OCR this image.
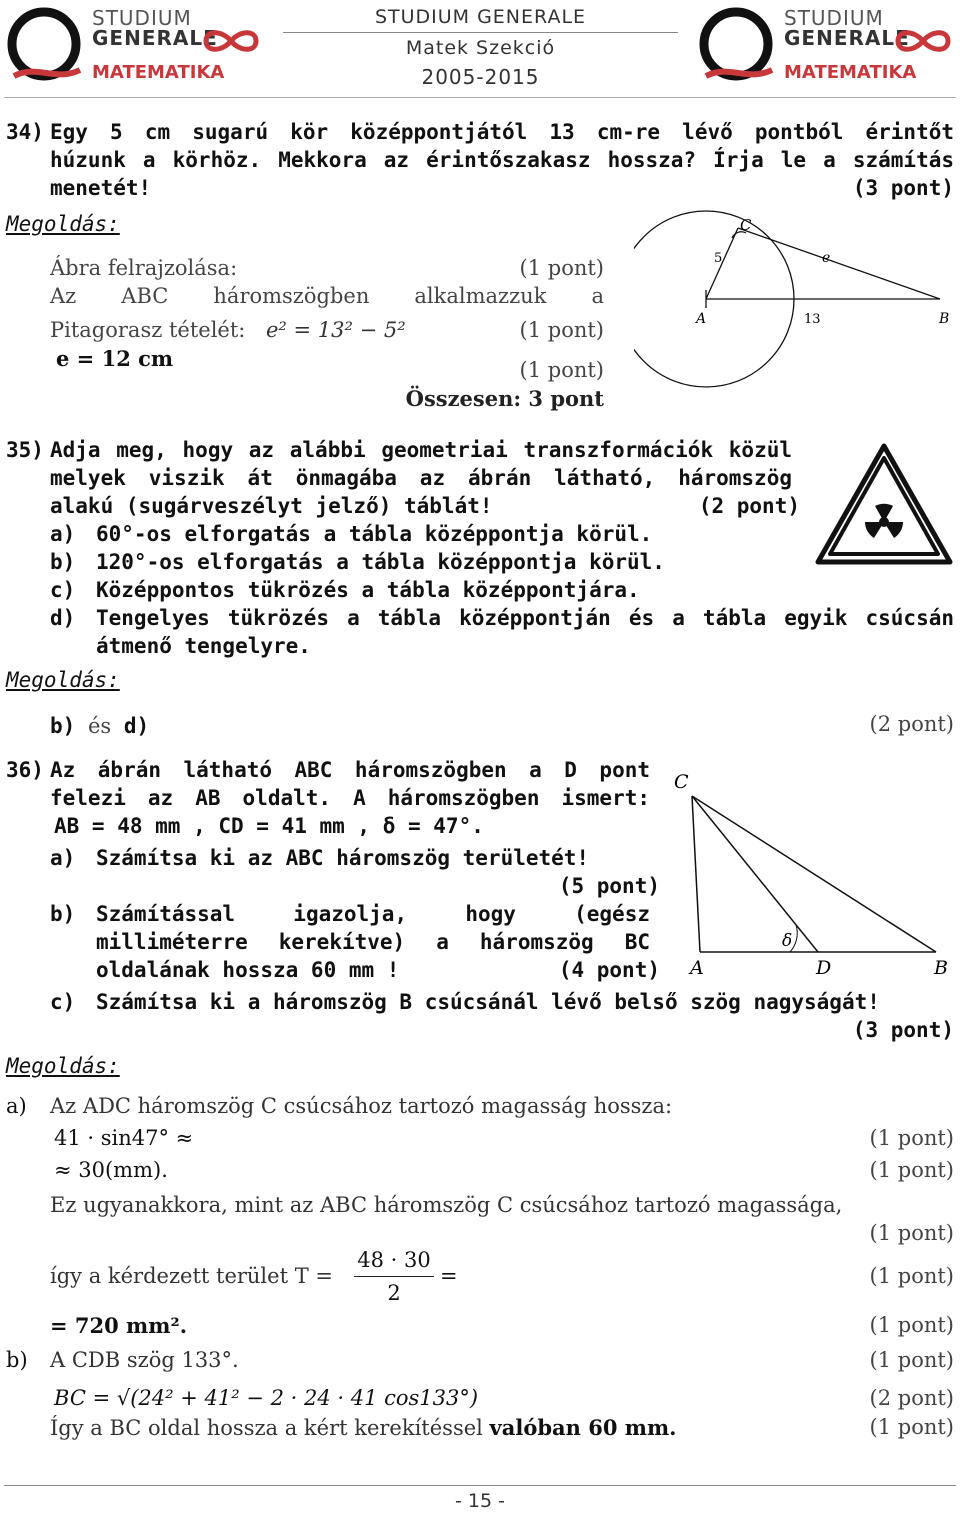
STUDIUM
GENERALE
MATEMATIKA
STUDIUM GENERALE
Matek Szekció
2005-2015
STUDIUM
GENERALE
MATEMATIKA
34) Egy 5 cm sugarú kör középpontjától 13 cm-re lévő pontból érintőt
húzunk a körhöz. Mekkora az érintőszakasz hossza? Írja le a számítás
menetét!	(3 pont)
Megoldás:
Ábra felrajzolása:	(1 pont)
Az ABC háromszögben alkalmazzuk a
Pitagorasz tételét: e² = 13² − 5²	(1 pont)
e = 12 cm	(1 pont)
Összesen: 3 pont
C
A	B
5	e
13
35) Adja meg, hogy az alábbi geometriai transzformációk közül
melyek viszik át önmagába az ábrán látható, háromszög
alakú (sugárveszélyt jelző) táblát!	(2 pont)
a) 60°-os elforgatás a tábla középpontja körül.
b) 120°-os elforgatás a tábla középpontja körül.
c) Középpontos tükrözés a tábla középpontjára.
d) Tengelyes tükrözés a tábla középpontján és a tábla egyik csúcsán
átmenő tengelyre.
Megoldás:
b) és d)	(2 pont)
36) Az ábrán látható ABC háromszögben a D pont
felezi az AB oldalt. A háromszögben ismert:
AB = 48 mm , CD = 41 mm , δ = 47°.
a) Számítsa ki az ABC háromszög területét!
(5 pont)
b) Számítással igazolja, hogy (egész
milliméterre kerekítve) a háromszög BC
oldalának hossza 60 mm !	(4 pont)
c) Számítsa ki a háromszög B csúcsánál lévő belső szög nagyságát!
(3 pont)
C
A	D	B
δ
Megoldás:
a) Az ADC háromszög C csúcsához tartozó magasság hossza:
41 · sin47° ≈	(1 pont)
≈ 30(mm).	(1 pont)
Ez ugyanakkora, mint az ABC háromszög C csúcsához tartozó magassága,
(1 pont)
így a kérdezett terület T =
48 · 30
2
=	(1 pont)
= 720 mm².	(1 pont)
b) A CDB szög 133°.	(1 pont)
BC = √(24² + 41² − 2 · 24 · 41 cos133°)	(2 pont)
Így a BC oldal hossza a kért kerekítéssel valóban 60 mm.	(1 pont)
- 15 -
